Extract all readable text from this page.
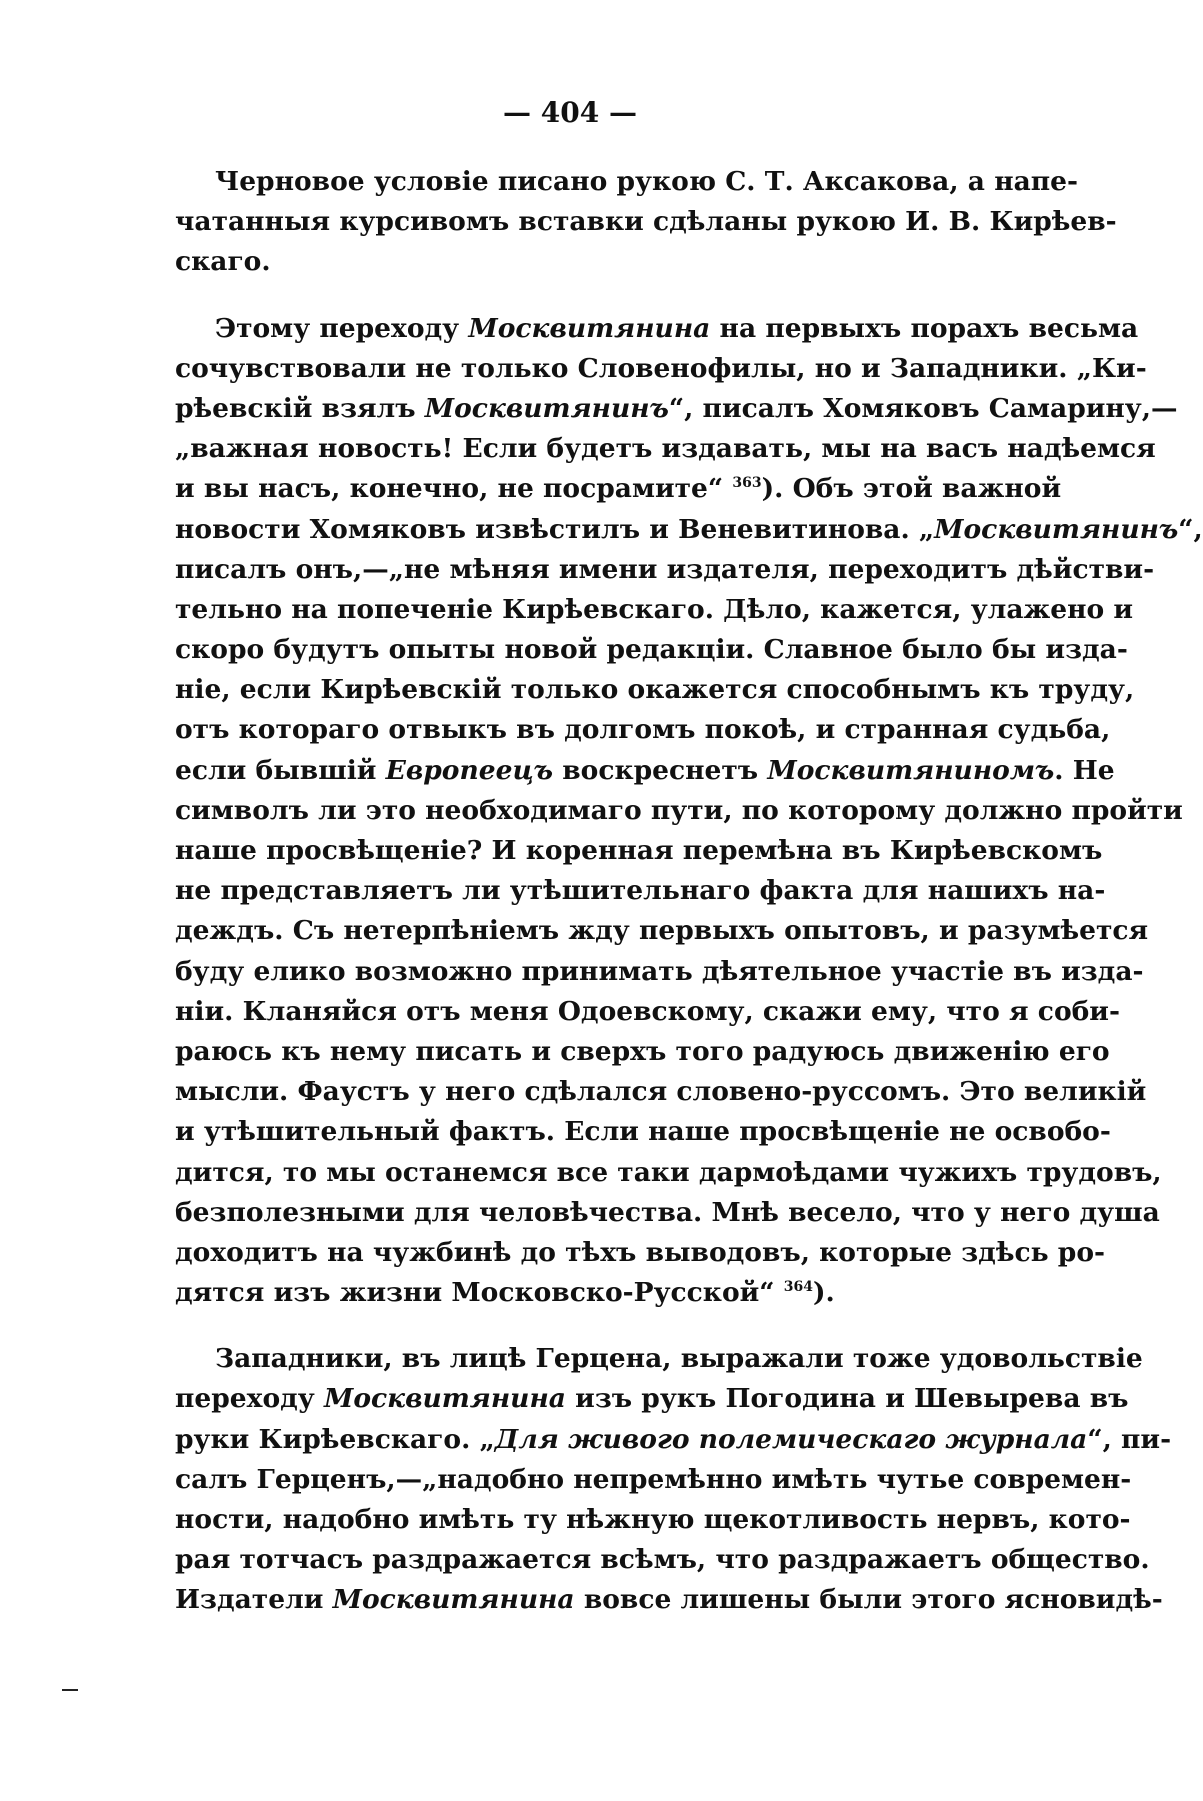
— 404 —
Черновое условіе писано рукою С. Т. Аксакова, а напе-
чатанныя курсивомъ вставки сдѣланы рукою И. В. Кирѣев-
скаго.
Этому переходу Москвитянина на первыхъ порахъ весьма
сочувствовали не только Словенофилы, но и Западники. „Ки-
рѣевскій взялъ Москвитянинъ“, писалъ Хомяковъ Самарину,—
„важная новость! Если будетъ издавать, мы на васъ надѣемся
и вы насъ, конечно, не посрамите“ $^{363}$). Объ этой важной
новости Хомяковъ извѣстилъ и Веневитинова. „Москвитянинъ“,
писалъ онъ,—„не мѣняя имени издателя, переходитъ дѣйстви-
тельно на попеченіе Кирѣевскаго. Дѣло, кажется, улажено и
скоро будутъ опыты новой редакціи. Славное было бы изда-
ніе, если Кирѣевскій только окажется способнымъ къ труду,
отъ котораго отвыкъ въ долгомъ покоѣ, и странная судьба,
если бывшій Европеецъ воскреснетъ Москвитяниномъ. Не
символъ ли это необходимаго пути, по которому должно пройти
наше просвѣщеніе? И коренная перемѣна въ Кирѣевскомъ
не представляетъ ли утѣшительнаго факта для нашихъ на-
деждъ. Съ нетерпѣніемъ жду первыхъ опытовъ, и разумѣется
буду елико возможно принимать дѣятельное участіе въ изда-
ніи. Кланяйся отъ меня Одоевскому, скажи ему, что я соби-
раюсь къ нему писать и сверхъ того радуюсь движенію его
мысли. Фаустъ у него сдѣлался словено-руссомъ. Это великій
и утѣшительный фактъ. Если наше просвѣщеніе не освобо-
дится, то мы останемся все таки дармоѣдами чужихъ трудовъ,
безполезными для человѣчества. Мнѣ весело, что у него душа
доходитъ на чужбинѣ до тѣхъ выводовъ, которые здѣсь ро-
дятся изъ жизни Московско-Русской“ $^{364}$).
Западники, въ лицѣ Герцена, выражали тоже удовольствіе
переходу Москвитянина изъ рукъ Погодина и Шевырева въ
руки Кирѣевскаго. „Для живого полемическаго журнала“, пи-
салъ Герценъ,—„надобно непремѣнно имѣть чутье современ-
ности, надобно имѣть ту нѣжную щекотливость нервъ, кото-
рая тотчасъ раздражается всѣмъ, что раздражаетъ общество.
Издатели Москвитянина вовсе лишены были этого ясновидѣ-
